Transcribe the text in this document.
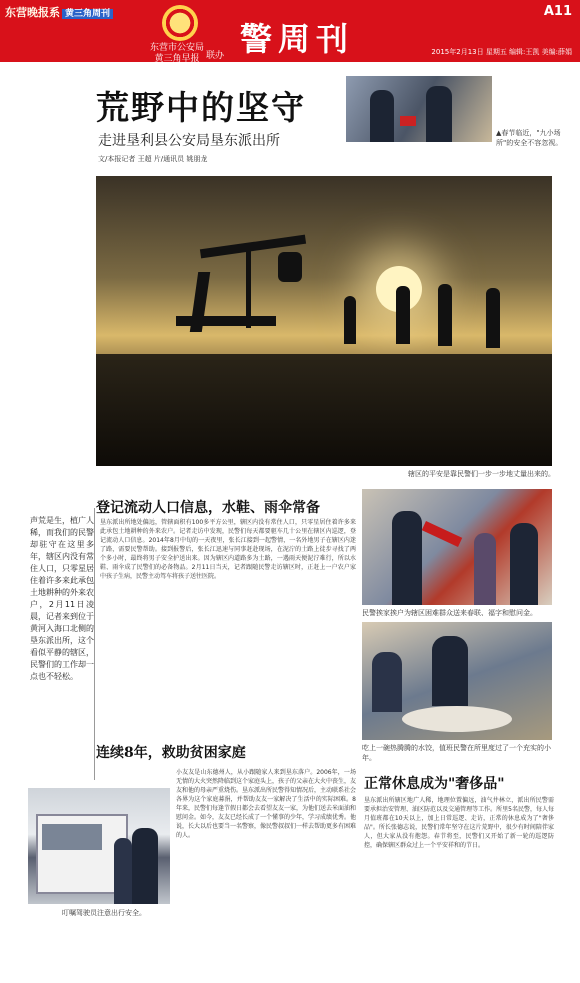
东营晚报系 黄三角周刊
东营市公安局
黄三角早报 联办 警周刊
A11
2015年2月13日 星期五 编辑:王凯 美编:薛娟
荒野中的坚守
走进垦利县公安局垦东派出所
文/本报记者 王超 片/通讯员 姚朋龙
▲春节临近，"九小场所"的安全不容忽视。
辖区的平安是靠民警们一步一步地丈量出来的。
声荒是生，植广人稀，而我们的民警却驻守在这里多年，辖区内没有常住人口，只零星居住着许多来此承包土地耕种的外来农户，2月11日凌晨，记者来到位于黄河入海口北侧的垦东派出所，这个看似平静的辖区，民警们的工作却一点也不轻松。
登记流动人口信息，水鞋、雨伞常备
垦东派出所地处偏远，管辖面积有100多平方公里，辖区内没有常住人口，只零星居住着许多来此承包土地耕种的外来农户。记者走访中发现，民警们每天都要驱车几十公里在辖区内巡逻，登记流动人口信息。2014年8月中旬的一天夜里，张长江接到一起警情，一名外地男子在辖区内迷了路，需要民警帮助。接到报警后，张长江迅速与同事赶赴现场，在泥泞的土路上徒步寻找了两个多小时，最终将男子安全护送出来。因为辖区内道路多为土路，一遇雨天便泥泞难行，所以水鞋、雨伞成了民警们的必备物品。2月11日当天，记者跟随民警走访辖区时，正赶上一户农户家中孩子生病，民警主动驾车将孩子送往医院。
连续8年，救助贫困家庭
小友友是山东德州人，从小跟随家人来到垦东落户。2006年，一场无情的大火突然降临到这个家庭头上，孩子的父亲在大火中丧生，友友和他的母亲严重烧伤。垦东派出所民警得知情况后，主动联系社会各界为这个家庭募捐，并帮助友友一家解决了生活中的实际困难。8年来，民警们每逢节假日都会去看望友友一家，为他们送去米面油和慰问金。如今，友友已经长成了一个懂事的少年，学习成绩优秀。他说，长大以后也要当一名警察，像民警叔叔们一样去帮助更多有困难的人。
民警挨家挨户为辖区困难群众送来春联、福字和慰问金。
吃上一碗热腾腾的水饺，值班民警在所里度过了一个充实的小年。
正常休息成为"奢侈品"
垦东派出所辖区地广人稀，地理位置偏远，油气井林立，派出所民警需要承担治安管理、油区防范以及交通管理等工作。所里5名民警，每人每月值班都在10天以上，加上日常巡逻、走访，正常的休息成为了"奢侈品"。所长张德志说，民警们常年坚守在这片荒野中，很少有时间陪伴家人，但大家从没有抱怨。春节将至，民警们又开始了新一轮的巡逻防控，确保辖区群众过上一个平安祥和的节日。
叮嘱驾驶员注意出行安全。
